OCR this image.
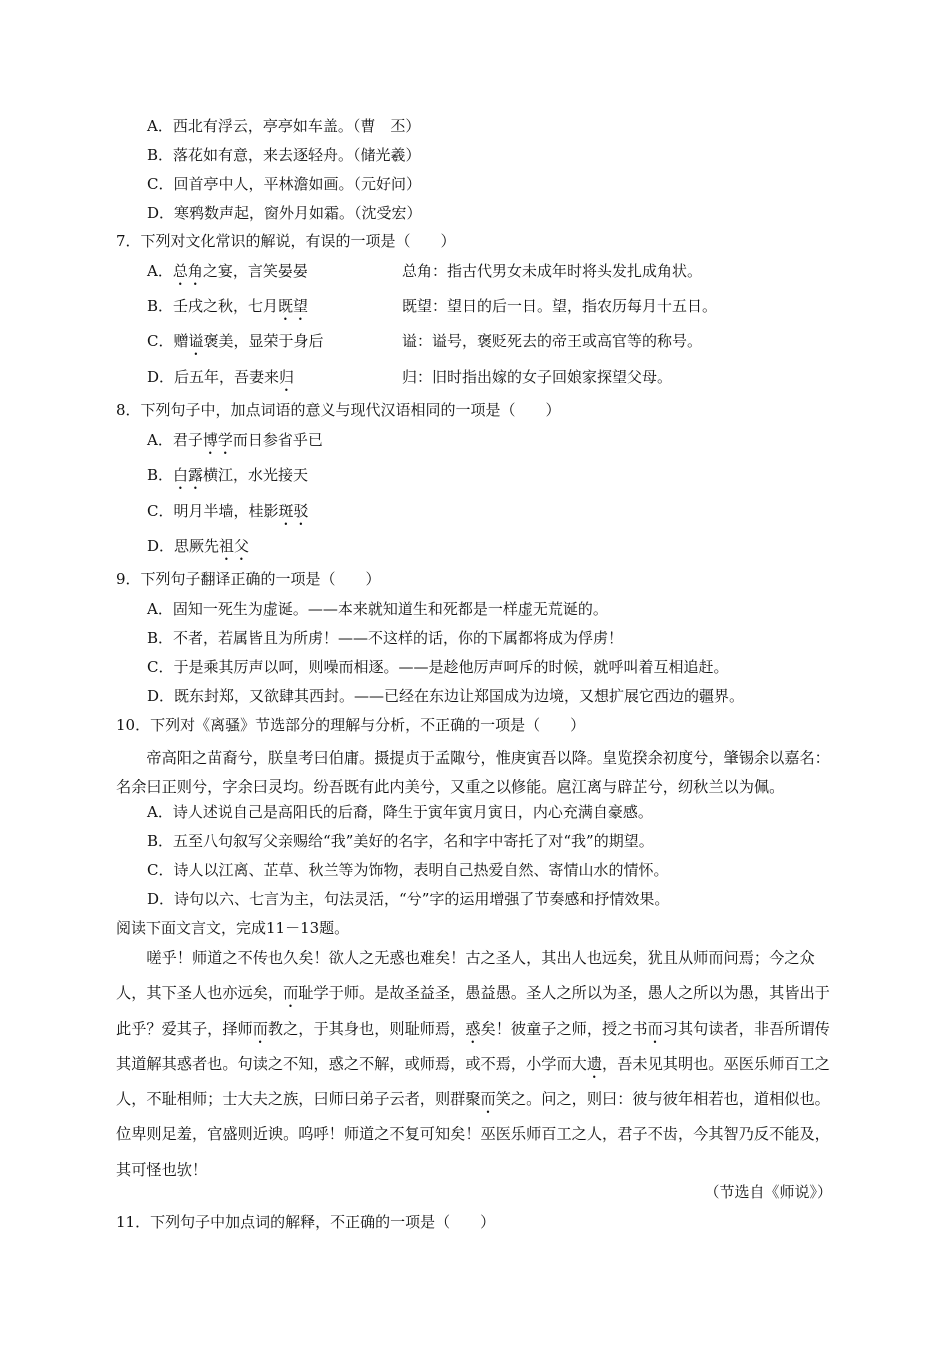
A．西北有浮云，亭亭如车盖。（曹　丕）
B．落花如有意，来去逐轻舟。（储光羲）
C．回首亭中人，平林澹如画。（元好问）
D．寒鸦数声起，窗外月如霜。（沈受宏）
7．下列对文化常识的解说，有误的一项是（　　）
A．总角之宴，言笑晏晏	总角：指古代男女未成年时将头发扎成角状。
B．壬戌之秋，七月既望	既望：望日的后一日。望，指农历每月十五日。
C．赠谥褒美，显荣于身后	谥：谥号，褒贬死去的帝王或高官等的称号。
D．后五年，吾妻来归	归：旧时指出嫁的女子回娘家探望父母。
8．下列句子中，加点词语的意义与现代汉语相同的一项是（　　）
A．君子博学而日参省乎已
B．白露横江，水光接天
C．明月半墙，桂影斑驳
D．思厥先祖父
9．下列句子翻译正确的一项是（　　）
A．固知一死生为虚诞。——本来就知道生和死都是一样虚无荒诞的。
B．不者，若属皆且为所虏！——不这样的话，你的下属都将成为俘虏！
C．于是乘其厉声以呵，则噪而相逐。——是趁他厉声呵斥的时候，就呼叫着互相追赶。
D．既东封郑，又欲肆其西封。——已经在东边让郑国成为边境，又想扩展它西边的疆界。
10．下列对《离骚》节选部分的理解与分析，不正确的一项是（　　）
　　帝高阳之苗裔兮，朕皇考曰伯庸。摄提贞于孟陬兮，惟庚寅吾以降。皇览揆余初度兮，肇锡余以嘉名：名余曰正则兮，字余曰灵均。纷吾既有此内美兮，又重之以修能。扈江离与辟芷兮，纫秋兰以为佩。
A．诗人述说自己是高阳氏的后裔，降生于寅年寅月寅日，内心充满自豪感。
B．五至八句叙写父亲赐给“我”美好的名字，名和字中寄托了对“我”的期望。
C．诗人以江离、芷草、秋兰等为饰物，表明自己热爱自然、寄情山水的情怀。
D．诗句以六、七言为主，句法灵活，“兮”字的运用增强了节奏感和抒情效果。
阅读下面文言文，完成11－13题。
　　嗟乎！师道之不传也久矣！欲人之无惑也难矣！古之圣人，其出人也远矣，犹且从师而问焉；今之众人，其下圣人也亦远矣，而耻学于师。是故圣益圣，愚益愚。圣人之所以为圣，愚人之所以为愚，其皆出于此乎？爱其子，择师而教之，于其身也，则耻师焉，惑矣！彼童子之师，授之书而习其句读者，非吾所谓传其道解其惑者也。句读之不知，惑之不解，或师焉，或不焉，小学而大遗，吾未见其明也。巫医乐师百工之人，不耻相师；士大夫之族，曰师曰弟子云者，则群聚而笑之。问之，则曰：彼与彼年相若也，道相似也。位卑则足羞，官盛则近谀。呜呼！师道之不复可知矣！巫医乐师百工之人，君子不齿，今其智乃反不能及，其可怪也欤！
（节选自《师说》）
11．下列句子中加点词的解释，不正确的一项是（　　）
